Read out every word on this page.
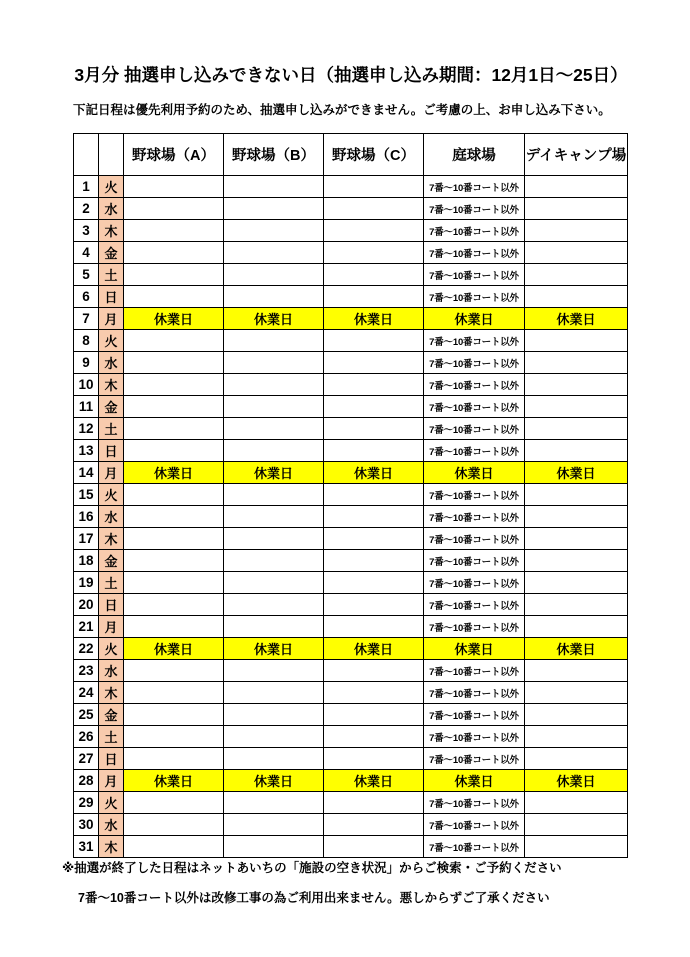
3月分 抽選申し込みできない日（抽選申し込み期間：12月1日～25日）
下記日程は優先利用予約のため、抽選申し込みができません。ご考慮の上、お申し込み下さい。
		野球場（A）	野球場（B）	野球場（C）	庭球場	デイキャンプ場
1	火				7番～10番コート以外	
2	水				7番～10番コート以外	
3	木				7番～10番コート以外	
4	金				7番～10番コート以外	
5	土				7番～10番コート以外	
6	日				7番～10番コート以外	
7	月	休業日	休業日	休業日	休業日	休業日
8	火				7番～10番コート以外	
9	水				7番～10番コート以外	
10	木				7番～10番コート以外	
11	金				7番～10番コート以外	
12	土				7番～10番コート以外	
13	日				7番～10番コート以外	
14	月	休業日	休業日	休業日	休業日	休業日
15	火				7番～10番コート以外	
16	水				7番～10番コート以外	
17	木				7番～10番コート以外	
18	金				7番～10番コート以外	
19	土				7番～10番コート以外	
20	日				7番～10番コート以外	
21	月				7番～10番コート以外	
22	火	休業日	休業日	休業日	休業日	休業日
23	水				7番～10番コート以外	
24	木				7番～10番コート以外	
25	金				7番～10番コート以外	
26	土				7番～10番コート以外	
27	日				7番～10番コート以外	
28	月	休業日	休業日	休業日	休業日	休業日
29	火				7番～10番コート以外	
30	水				7番～10番コート以外	
31	木				7番～10番コート以外	
※抽選が終了した日程はネットあいちの「施設の空き状況」からご検索・ご予約ください
7番～10番コート以外は改修工事の為ご利用出来ません。悪しからずご了承ください
